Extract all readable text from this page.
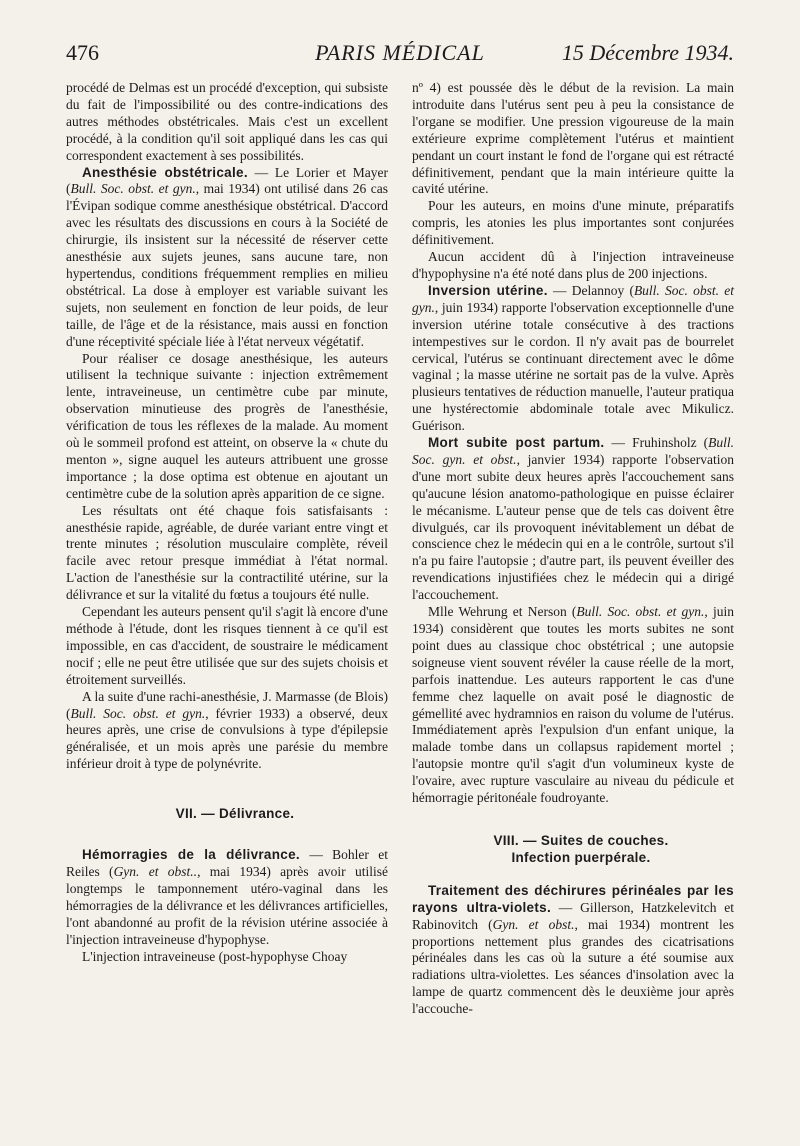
476	PARIS MÉDICAL	15 Décembre 1934.

procédé de Delmas est un procédé d'exception, qui subsiste du fait de l'impossibilité ou des contre-indications des autres méthodes obstétricales. Mais c'est un excellent procédé, à la condition qu'il soit appliqué dans les cas qui correspondent exactement à ses possibilités.

Anesthésie obstétricale. — Le Lorier et Mayer (Bull. Soc. obst. et gyn., mai 1934) ont utilisé dans 26 cas l'Évipan sodique comme anesthésique obstétrical. D'accord avec les résultats des discussions en cours à la Société de chirurgie, ils insistent sur la nécessité de réserver cette anesthésie aux sujets jeunes, sans aucune tare, non hypertendus, conditions fréquemment remplies en milieu obstétrical. La dose à employer est variable suivant les sujets, non seulement en fonction de leur poids, de leur taille, de l'âge et de la résistance, mais aussi en fonction d'une réceptivité spéciale liée à l'état nerveux végétatif.

Pour réaliser ce dosage anesthésique, les auteurs utilisent la technique suivante : injection extrêmement lente, intraveineuse, un centimètre cube par minute, observation minutieuse des progrès de l'anesthésie, vérification de tous les réflexes de la malade. Au moment où le sommeil profond est atteint, on observe la « chute du menton », signe auquel les auteurs attribuent une grosse importance ; la dose optima est obtenue en ajoutant un centimètre cube de la solution après apparition de ce signe.

Les résultats ont été chaque fois satisfaisants : anesthésie rapide, agréable, de durée variant entre vingt et trente minutes ; résolution musculaire complète, réveil facile avec retour presque immédiat à l'état normal. L'action de l'anesthésie sur la contractilité utérine, sur la délivrance et sur la vitalité du fœtus a toujours été nulle.

Cependant les auteurs pensent qu'il s'agit là encore d'une méthode à l'étude, dont les risques tiennent à ce qu'il est impossible, en cas d'accident, de soustraire le médicament nocif ; elle ne peut être utilisée que sur des sujets choisis et étroitement surveillés.

A la suite d'une rachi-anesthésie, J. Marmasse (de Blois) (Bull. Soc. obst. et gyn., février 1933) a observé, deux heures après, une crise de convulsions à type d'épilepsie généralisée, et un mois après une parésie du membre inférieur droit à type de polynévrite.

VII. — Délivrance.

Hémorragies de la délivrance. — Bohler et Reiles (Gyn. et obst.., mai 1934) après avoir utilisé longtemps le tamponnement utéro-vaginal dans les hémorragies de la délivrance et les délivrances artificielles, l'ont abandonné au profit de la révision utérine associée à l'injection intraveineuse d'hypophyse.

L'injection intraveineuse (post-hypophyse Choay

nº 4) est poussée dès le début de la revision. La main introduite dans l'utérus sent peu à peu la consistance de l'organe se modifier. Une pression vigoureuse de la main extérieure exprime complètement l'utérus et maintient pendant un court instant le fond de l'organe qui est rétracté définitivement, pendant que la main intérieure quitte la cavité utérine.

Pour les auteurs, en moins d'une minute, préparatifs compris, les atonies les plus importantes sont conjurées définitivement.

Aucun accident dû à l'injection intraveineuse d'hypophysine n'a été noté dans plus de 200 injections.

Inversion utérine. — Delannoy (Bull. Soc. obst. et gyn., juin 1934) rapporte l'observation exceptionnelle d'une inversion utérine totale consécutive à des tractions intempestives sur le cordon. Il n'y avait pas de bourrelet cervical, l'utérus se continuant directement avec le dôme vaginal ; la masse utérine ne sortait pas de la vulve. Après plusieurs tentatives de réduction manuelle, l'auteur pratiqua une hystérectomie abdominale totale avec Mikulicz. Guérison.

Mort subite post partum. — Fruhinsholz (Bull. Soc. gyn. et obst., janvier 1934) rapporte l'observation d'une mort subite deux heures après l'accouchement sans qu'aucune lésion anatomo-pathologique en puisse éclairer le mécanisme. L'auteur pense que de tels cas doivent être divulgués, car ils provoquent inévitablement un débat de conscience chez le médecin qui en a le contrôle, surtout s'il n'a pu faire l'autopsie ; d'autre part, ils peuvent éveiller des revendications injustifiées chez le médecin qui a dirigé l'accouchement.

Mlle Wehrung et Nerson (Bull. Soc. obst. et gyn., juin 1934) considèrent que toutes les morts subites ne sont point dues au classique choc obstétrical ; une autopsie soigneuse vient souvent révéler la cause réelle de la mort, parfois inattendue. Les auteurs rapportent le cas d'une femme chez laquelle on avait posé le diagnostic de gémellité avec hydramnios en raison du volume de l'utérus. Immédiatement après l'expulsion d'un enfant unique, la malade tombe dans un collapsus rapidement mortel ; l'autopsie montre qu'il s'agit d'un volumineux kyste de l'ovaire, avec rupture vasculaire au niveau du pédicule et hémorragie péritonéale foudroyante.

VIII. — Suites de couches.

Infection puerpérale.

Traitement des déchirures périnéales par les rayons ultra-violets. — Gillerson, Hatzkelevitch et Rabinovitch (Gyn. et obst., mai 1934) montrent les proportions nettement plus grandes des cicatrisations périnéales dans les cas où la suture a été soumise aux radiations ultra-violettes. Les séances d'insolation avec la lampe de quartz commencent dès le deuxième jour après l'accouche-
